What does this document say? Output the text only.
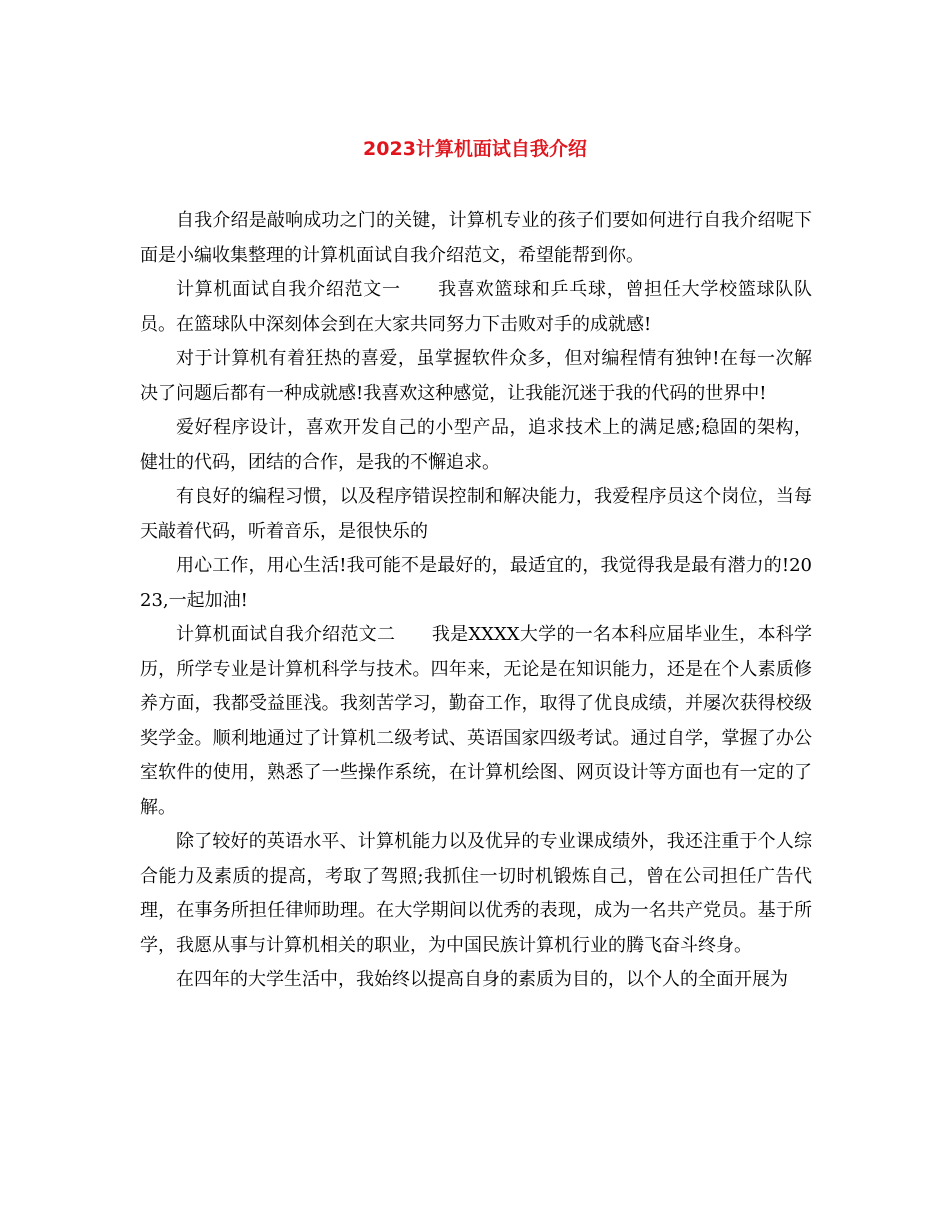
2023计算机面试自我介绍

自我介绍是敲响成功之门的关键，计算机专业的孩子们要如何进行自我介绍呢下面是小编收集整理的计算机面试自我介绍范文，希望能帮到你。

计算机面试自我介绍范文一　　我喜欢篮球和乒乓球，曾担任大学校篮球队队员。在篮球队中深刻体会到在大家共同努力下击败对手的成就感!

对于计算机有着狂热的喜爱，虽掌握软件众多，但对编程情有独钟!在每一次解决了问题后都有一种成就感!我喜欢这种感觉，让我能沉迷于我的代码的世界中!

爱好程序设计，喜欢开发自己的小型产品，追求技术上的满足感;稳固的架构，健壮的代码，团结的合作，是我的不懈追求。

有良好的编程习惯，以及程序错误控制和解决能力，我爱程序员这个岗位，当每天敲着代码，听着音乐，是很快乐的

用心工作，用心生活!我可能不是最好的，最适宜的，我觉得我是最有潜力的!2023,一起加油!

计算机面试自我介绍范文二　　我是XXXX大学的一名本科应届毕业生，本科学历，所学专业是计算机科学与技术。四年来，无论是在知识能力，还是在个人素质修养方面，我都受益匪浅。我刻苦学习，勤奋工作，取得了优良成绩，并屡次获得校级奖学金。顺利地通过了计算机二级考试、英语国家四级考试。通过自学，掌握了办公室软件的使用，熟悉了一些操作系统，在计算机绘图、网页设计等方面也有一定的了解。

除了较好的英语水平、计算机能力以及优异的专业课成绩外，我还注重于个人综合能力及素质的提高，考取了驾照;我抓住一切时机锻炼自己，曾在公司担任广告代理，在事务所担任律师助理。在大学期间以优秀的表现，成为一名共产党员。基于所学，我愿从事与计算机相关的职业，为中国民族计算机行业的腾飞奋斗终身。

在四年的大学生活中，我始终以提高自身的素质为目的，以个人的全面开展为
